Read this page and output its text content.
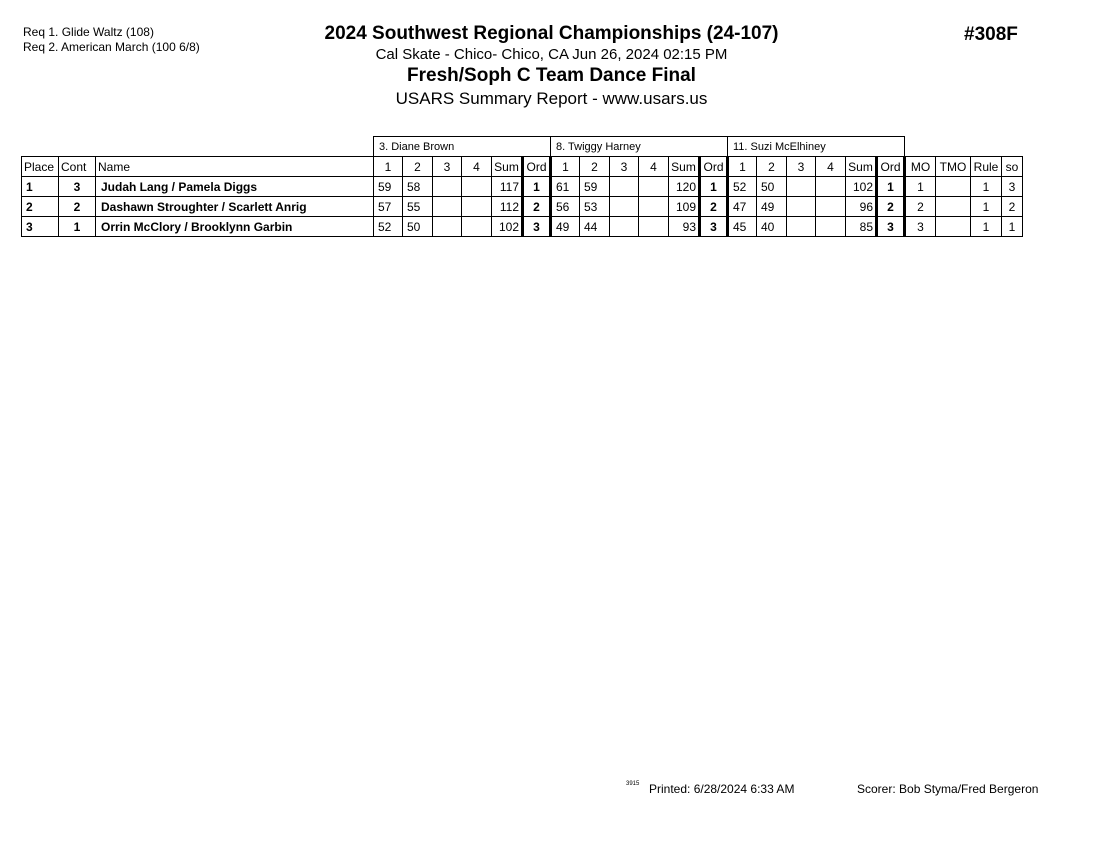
Req 1. Glide Waltz (108)
Req 2. American March (100 6/8)
2024 Southwest Regional Championships (24-107)
Cal Skate - Chico- Chico, CA Jun 26, 2024 02:15 PM
Fresh/Soph C Team Dance Final
USARS Summary Report - www.usars.us
#308F
			3. Diane Brown						8. Twiggy Harney						11. Suzi McElhiney									
Place	Cont	Name	1	2	3	4	Sum	Ord	1	2	3	4	Sum	Ord	1	2	3	4	Sum	Ord	MO	TMO	Rule	so
1	3	Judah Lang / Pamela Diggs	59	58			117	1	61	59			120	1	52	50			102	1	1		1	3
2	2	Dashawn Stroughter / Scarlett Anrig	57	55			112	2	56	53			109	2	47	49			96	2	2		1	2
3	1	Orrin McClory / Brooklynn Garbin	52	50			102	3	49	44			93	3	45	40			85	3	3		1	1
3915 Printed: 6/28/2024 6:33 AM	Scorer: Bob Styma/Fred Bergeron
